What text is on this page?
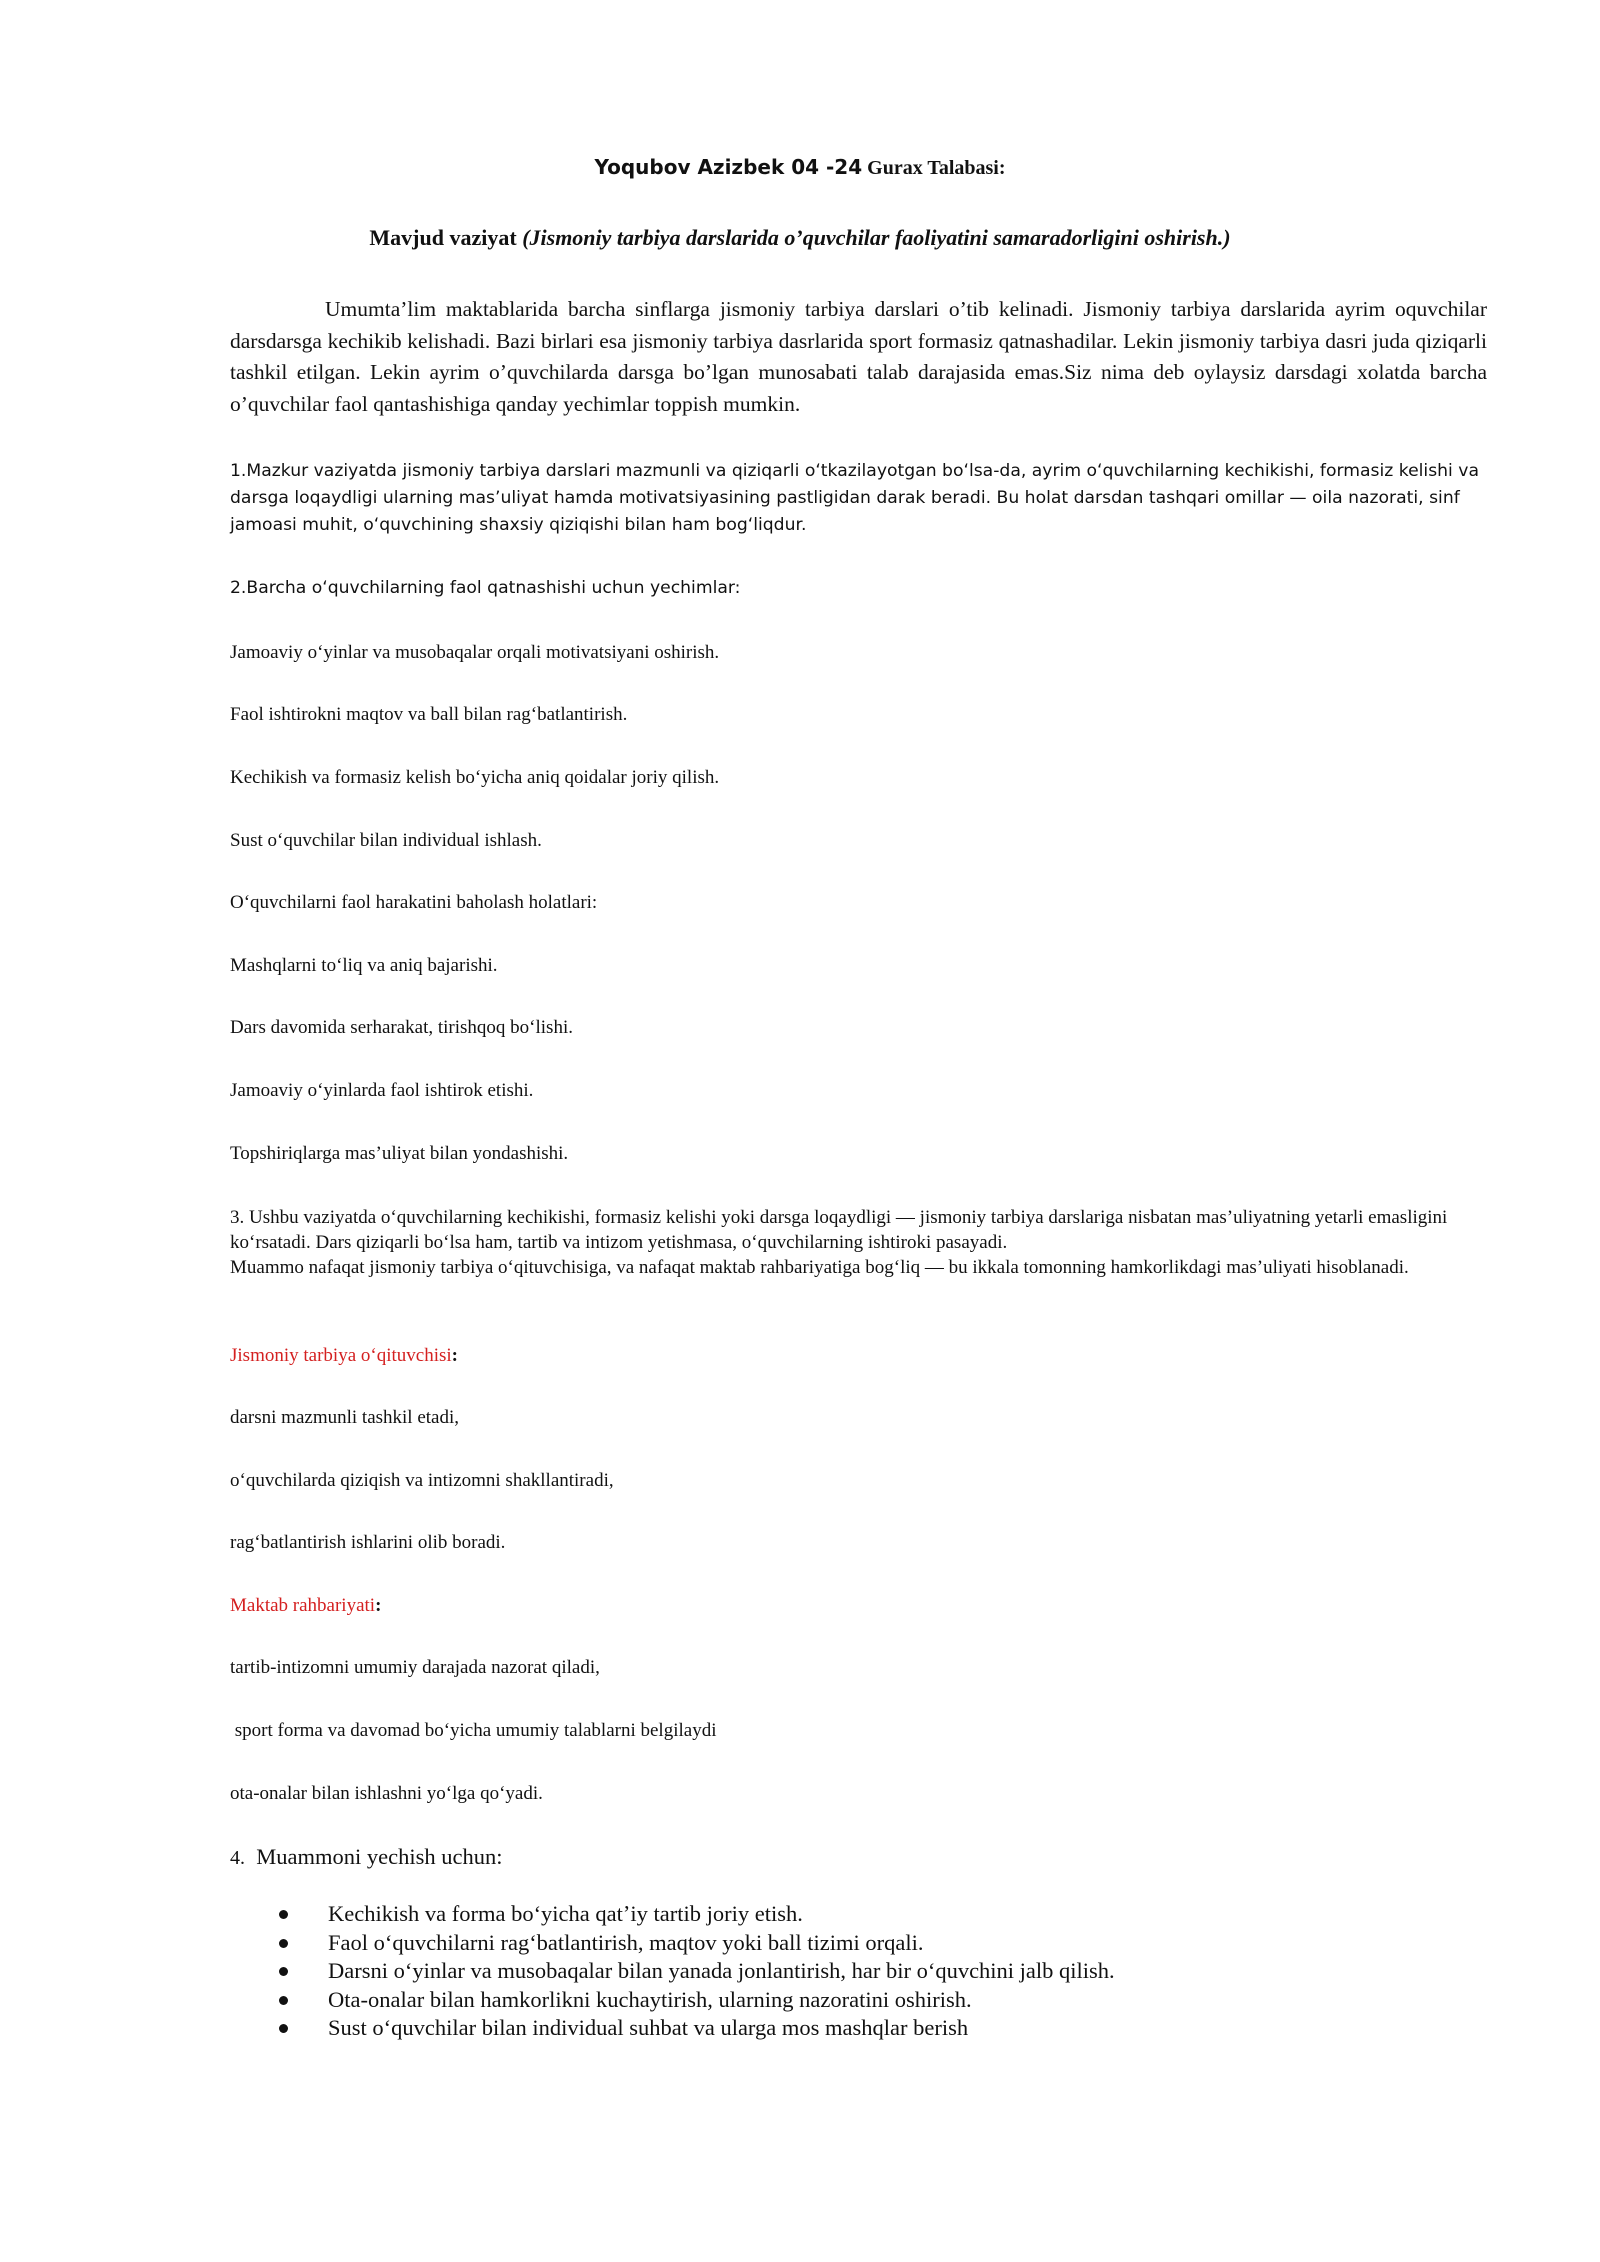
Yoqubov Azizbek 04 -24 Gurax Talabasi:
Mavjud vaziyat (Jismoniy tarbiya darslarida o’quvchilar faoliyatini samaradorligini oshirish.)

Umumta’lim maktablarida barcha sinflarga jismoniy tarbiya darslari o’tib kelinadi. Jismoniy tarbiya darslarida ayrim oquvchilar darsdarsga kechikib kelishadi. Bazi birlari esa jismoniy tarbiya dasrlarida sport formasiz qatnashadilar. Lekin jismoniy tarbiya dasri juda qiziqarli tashkil etilgan. Lekin ayrim o’quvchilarda darsga bo’lgan munosabati talab darajasida emas.Siz nima deb oylaysiz darsdagi xolatda barcha o’quvchilar faol qantashishiga qanday yechimlar toppish mumkin.

1.Mazkur vaziyatda jismoniy tarbiya darslari mazmunli va qiziqarli oʻtkazilayotgan boʻlsa-da, ayrim oʻquvchilarning kechikishi, formasiz kelishi va darsga loqaydligi ularning masʼuliyat hamda motivatsiyasining pastligidan darak beradi. Bu holat darsdan tashqari omillar — oila nazorati, sinf jamoasi muhit, oʻquvchining shaxsiy qiziqishi bilan ham bogʻliqdur.

2.Barcha oʻquvchilarning faol qatnashishi uchun yechimlar:

Jamoaviy oʻyinlar va musobaqalar orqali motivatsiyani oshirish.

Faol ishtirokni maqtov va ball bilan ragʻbatlantirish.

Kechikish va formasiz kelish boʻyicha aniq qoidalar joriy qilish.

Sust oʻquvchilar bilan individual ishlash.

Oʻquvchilarni faol harakatini baholash holatlari:

Mashqlarni toʻliq va aniq bajarishi.

Dars davomida serharakat, tirishqoq boʻlishi.

Jamoaviy oʻyinlarda faol ishtirok etishi.

Topshiriqlarga masʼuliyat bilan yondashishi.

3. Ushbu vaziyatda oʻquvchilarning kechikishi, formasiz kelishi yoki darsga loqaydligi — jismoniy tarbiya darslariga nisbatan masʼuliyatning yetarli emasligini koʻrsatadi. Dars qiziqarli boʻlsa ham, tartib va intizom yetishmasa, oʻquvchilarning ishtiroki pasayadi.
Muammo nafaqat jismoniy tarbiya oʻqituvchisiga, va nafaqat maktab rahbariyatiga bogʻliq — bu ikkala tomonning hamkorlikdagi masʼuliyati hisoblanadi.

Jismoniy tarbiya oʻqituvchisi:

darsni mazmunli tashkil etadi,

oʻquvchilarda qiziqish va intizomni shakllantiradi,

ragʻbatlantirish ishlarini olib boradi.

Maktab rahbariyati:

tartib-intizomni umumiy darajada nazorat qiladi,

sport forma va davomad boʻyicha umumiy talablarni belgilaydi

ota-onalar bilan ishlashni yoʻlga qoʻyadi.

4. Muammoni yechish uchun:

Kechikish va forma boʻyicha qatʼiy tartib joriy etish.
Faol oʻquvchilarni ragʻbatlantirish, maqtov yoki ball tizimi orqali.
Darsni oʻyinlar va musobaqalar bilan yanada jonlantirish, har bir oʻquvchini jalb qilish.
Ota-onalar bilan hamkorlikni kuchaytirish, ularning nazoratini oshirish.
Sust oʻquvchilar bilan individual suhbat va ularga mos mashqlar berish
